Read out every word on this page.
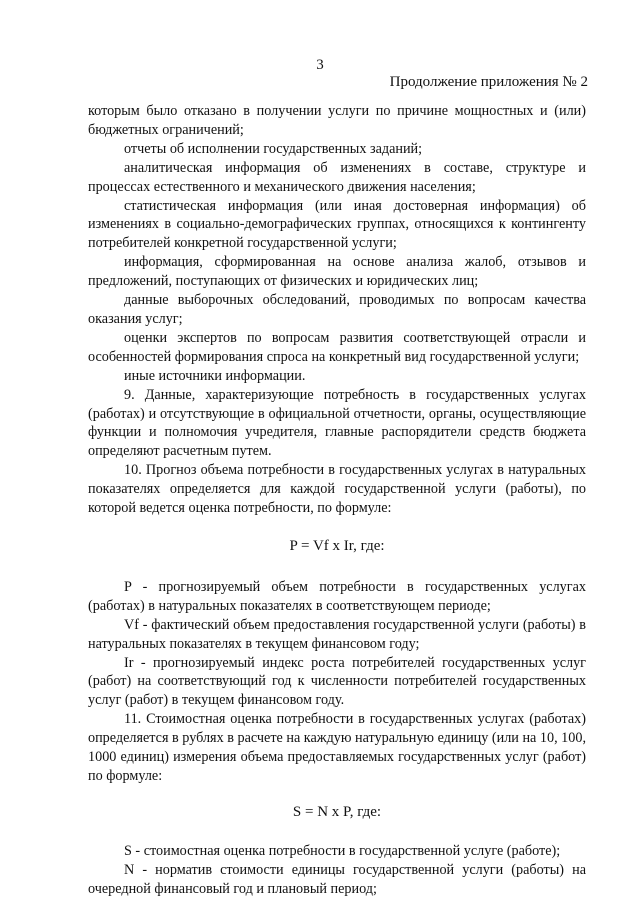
3
Продолжение приложения № 2

которым было отказано в получении услуги по причине мощностных и (или) бюджетных ограничений;

отчеты об исполнении государственных заданий;

аналитическая информация об изменениях в составе, структуре и процессах естественного и механического движения населения;

статистическая информация (или иная достоверная информация) об изменениях в социально-демографических группах, относящихся к контингенту потребителей конкретной государственной услуги;

информация, сформированная на основе анализа жалоб, отзывов и предложений, поступающих от физических и юридических лиц;

данные выборочных обследований, проводимых по вопросам качества оказания услуг;

оценки экспертов по вопросам развития соответствующей отрасли и особенностей формирования спроса на конкретный вид государственной услуги;

иные источники информации.

9. Данные, характеризующие потребность в государственных услугах (работах) и отсутствующие в официальной отчетности, органы, осуществляющие функции и полномочия учредителя, главные распорядители средств бюджета определяют расчетным путем.

10. Прогноз объема потребности в государственных услугах в натуральных показателях определяется для каждой государственной услуги (работы), по которой ведется оценка потребности, по формуле:

P = Vf x Ir, где:

P - прогнозируемый объем потребности в государственных услугах (работах) в натуральных показателях в соответствующем периоде;

Vf - фактический объем предоставления государственной услуги (работы) в натуральных показателях в текущем финансовом году;

Ir - прогнозируемый индекс роста потребителей государственных услуг (работ) на соответствующий год к численности потребителей государственных услуг (работ) в текущем финансовом году.

11. Стоимостная оценка потребности в государственных услугах (работах) определяется в рублях в расчете на каждую натуральную единицу (или на 10, 100, 1000 единиц) измерения объема предоставляемых государственных услуг (работ) по формуле:

S = N x P, где:

S - стоимостная оценка потребности в государственной услуге (работе);

N - норматив стоимости единицы государственной услуги (работы) на очередной финансовый год и плановый период;
